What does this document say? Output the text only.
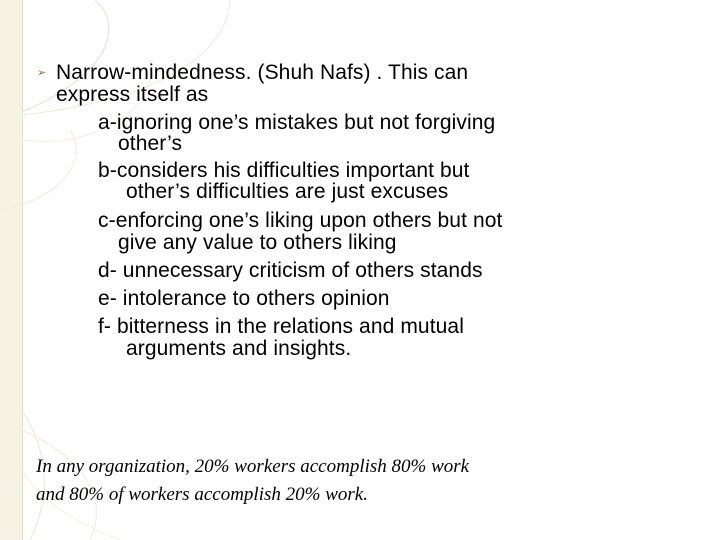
➢ Narrow-mindedness. (Shuh Nafs) . This can
express itself as
a-ignoring one’s mistakes but not forgiving
other’s
b-considers his difficulties important but
other’s difficulties are just excuses
c-enforcing one’s liking upon others but not
give any value to others liking
d- unnecessary criticism of others stands
e- intolerance to others opinion
f- bitterness in the relations and mutual
arguments and insights.
In any organization, 20% workers accomplish 80% work
and 80% of workers accomplish 20% work.
